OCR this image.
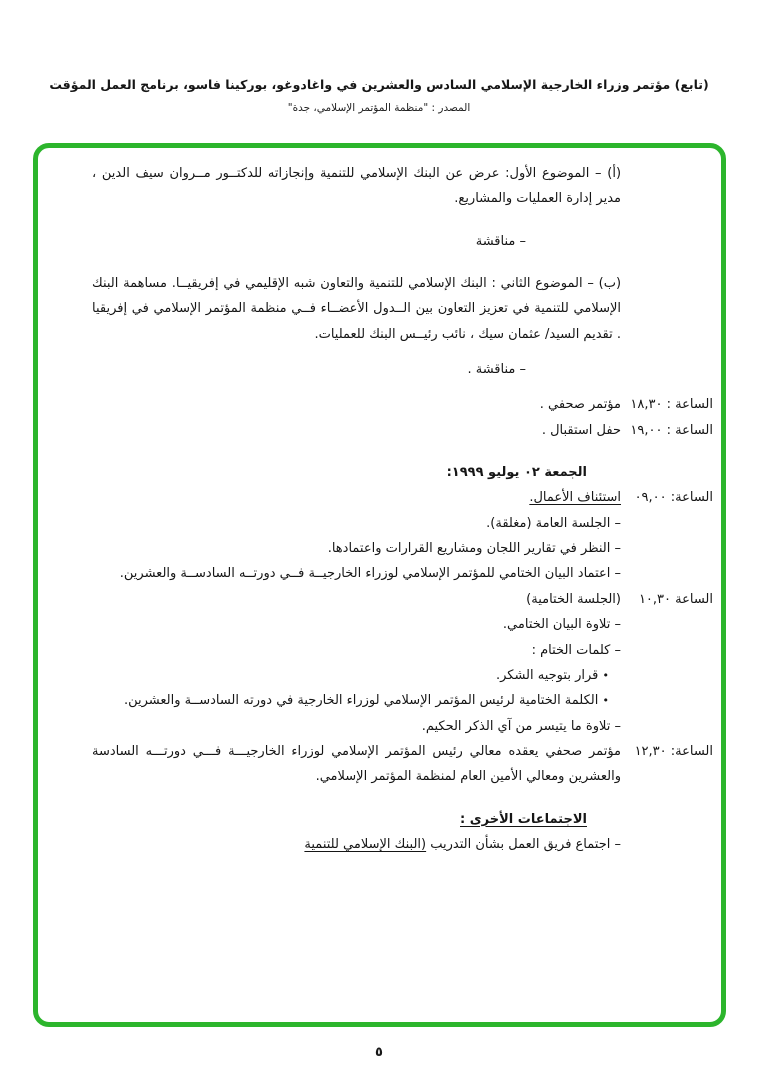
(تابع) مؤتمر وزراء الخارجية الإسلامي السادس والعشرين في واغادوغو، بوركينا فاسو، برنامج العمل المؤقت
المصدر : "منظمة المؤتمر الإسلامي، جدة"
(أ) – الموضوع الأول: عرض عن البنك الإسلامي للتنمية وإنجازاته للدكتــور مــروان سيف الدين ، مدير إدارة العمليات والمشاريع.
– مناقشة
(ب) – الموضوع الثاني : البنك الإسلامي للتنمية والتعاون شبه الإقليمي في إفريقيــا. مساهمة البنك الإسلامي للتنمية في تعزيز التعاون بين الــدول الأعضــاء فــي منظمة المؤتمر الإسلامي في إفريقيا . تقديم السيد/ عثمان سيك ، نائب رئيــس البنك للعمليات.
– مناقشة .
الساعة : ١٨,٣٠
مؤتمر صحفي .
الساعة : ١٩,٠٠
حفل استقبال .
الجمعة ٠٢ يوليو ١٩٩٩:
الساعة: ٠٩,٠٠
استئناف الأعمال.
– الجلسة العامة (مغلقة).
– النظر في تقارير اللجان ومشاريع القرارات واعتمادها.
– اعتماد البيان الختامي للمؤتمر الإسلامي لوزراء الخارجيــة فــي دورتــه السادســة والعشرين.
الساعة ١٠,٣٠
(الجلسة الختامية)
– تلاوة البيان الختامي.
– كلمات الختام :
• قرار بتوجيه الشكر.
• الكلمة الختامية لرئيس المؤتمر الإسلامي لوزراء الخارجية في دورته السادســة والعشرين.
– تلاوة ما يتيسر من آي الذكر الحكيم.
الساعة: ١٢,٣٠
مؤتمر صحفي يعقده معالي رئيس المؤتمر الإسلامي لوزراء الخارجيـــة فـــي دورتـــه السادسة والعشرين ومعالي الأمين العام لمنظمة المؤتمر الإسلامي.
الاجتماعات الأخرى :
– اجتماع فريق العمل بشأن التدريب (البنك الإسلامي للتنمية
٥
